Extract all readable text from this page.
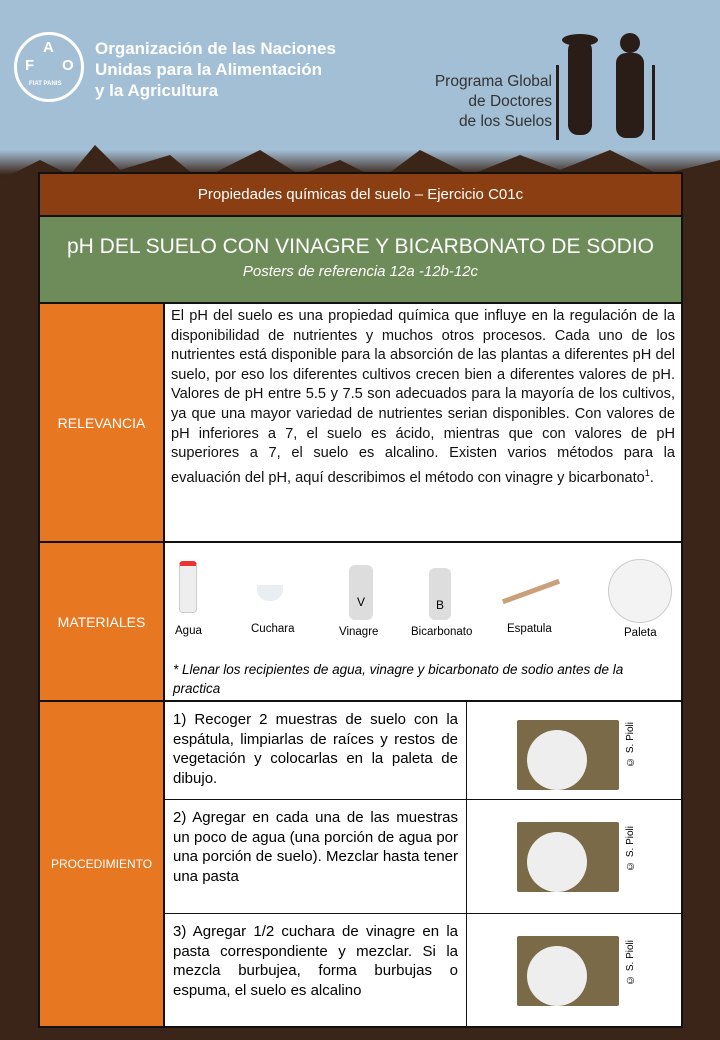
F
A
O
FIAT PANIS
Organización de las Naciones
Unidas para la Alimentación
y la Agricultura	Programa Global
de Doctores
de los Suelos
Propiedades químicas del suelo – Ejercicio C01c
pH DEL SUELO CON VINAGRE Y BICARBONATO DE SODIO

Posters de referencia 12a -12b-12c

RELEVANCIA
El pH del suelo es una propiedad química que influye en la regulación de la disponibilidad de nutrientes y muchos otros procesos. Cada uno de los nutrientes está disponible para la absorción de las plantas a diferentes pH del suelo, por eso los diferentes cultivos crecen bien a diferentes valores de pH. Valores de pH entre 5.5 y 7.5 son adecuados para la mayoría de los cultivos, ya que una mayor variedad de nutrientes serian disponibles. Con valores de pH inferiores a 7, el suelo es ácido, mientras que con valores de pH superiores a 7, el suelo es alcalino. Existen varios métodos para la evaluación del pH, aquí describimos el método con vinagre y bicarbonato$^1$.
MATERIALES
V	B
Agua	Cuchara	Vinagre	Bicarbonato	Espatula	Paleta
* Llenar los recipientes de agua, vinagre y bicarbonato de sodio antes de la practica
PROCEDIMIENTO
1) Recoger 2 muestras de suelo con la espátula, limpiarlas de raíces y restos de vegetación y colocarlas en la paleta de dibujo.
© S. Pioli
2) Agregar en cada una de las muestras un poco de agua (una porción de agua por una porción de suelo). Mezclar hasta tener una pasta
© S. Pioli
3) Agregar 1/2 cuchara de vinagre en la pasta correspondiente y mezclar. Si la mezcla burbujea, forma burbujas o espuma, el suelo es alcalino
© S. Pioli
